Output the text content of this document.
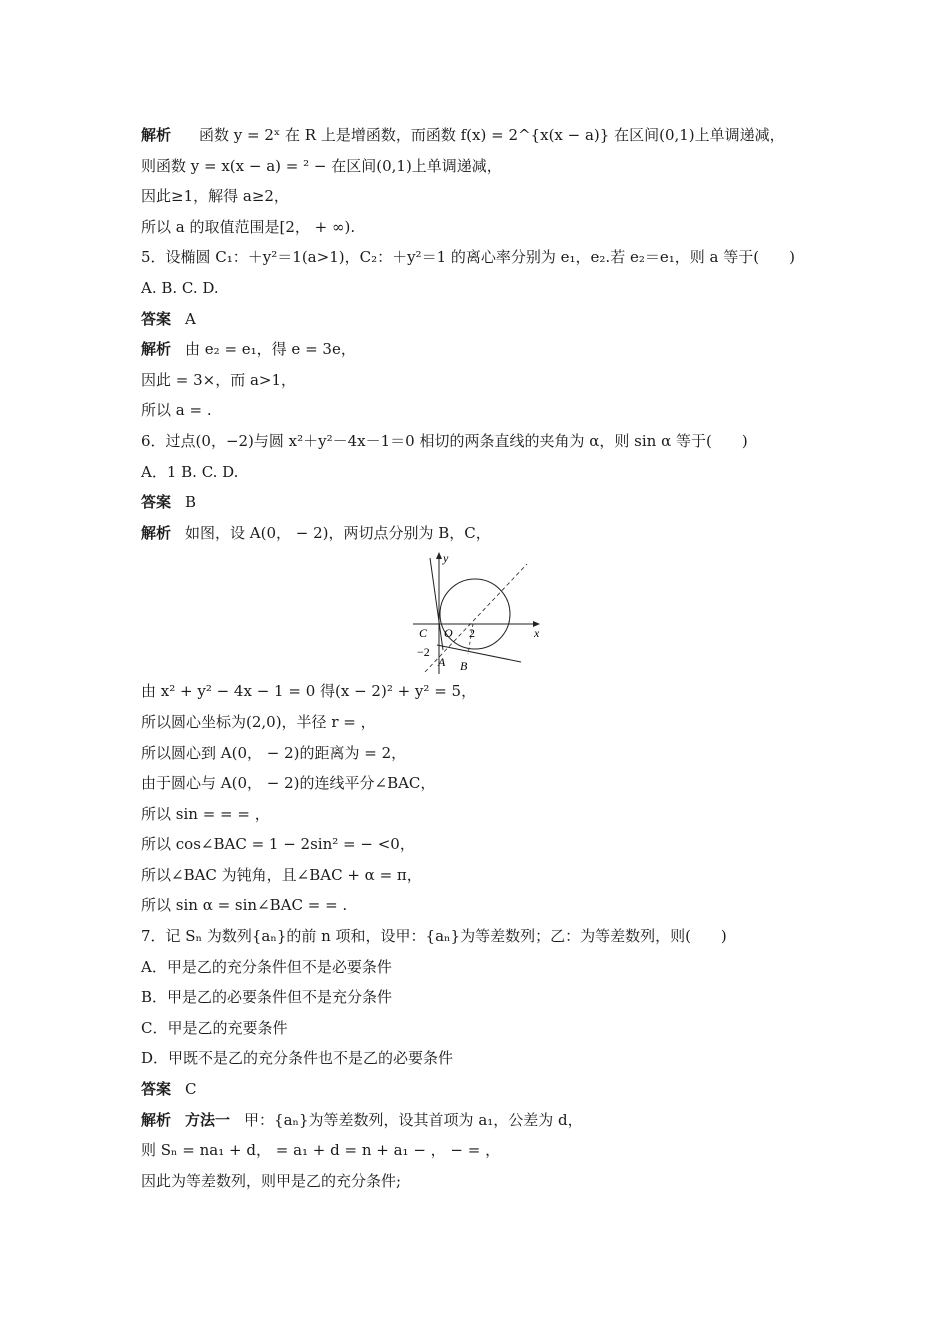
解析 函数 y = 2ˣ 在 R 上是增函数，而函数 f(x) = 2^{x(x − a)} 在区间(0,1)上单调递减，
则函数 y = x(x − a) = ² − 在区间(0,1)上单调递减，
因此≥1，解得 a≥2，
所以 a 的取值范围是[2， + ∞).
5．设椭圆 C₁：＋y²＝1(a>1)，C₂：＋y²＝1 的离心率分别为 e₁，e₂.若 e₂＝e₁，则 a 等于(　　)
A. B. C. D.
答案 A
解析 由 e₂ = e₁，得 e = 3e，
因此 = 3×，而 a>1，
所以 a = .
6．过点(0，−2)与圆 x²＋y²－4x－1＝0 相切的两条直线的夹角为 α，则 sin α 等于(　　)
A．1 B. C. D.
答案 B
解析 如图，设 A(0， − 2)，两切点分别为 B，C，
y
x
O
C	2
−2
A B
由 x² + y² − 4x − 1 = 0 得(x − 2)² + y² = 5，
所以圆心坐标为(2,0)，半径 r = ，
所以圆心到 A(0， − 2)的距离为 = 2，
由于圆心与 A(0， − 2)的连线平分∠BAC，
所以 sin = = = ，
所以 cos∠BAC = 1 − 2sin² = − <0，
所以∠BAC 为钝角，且∠BAC + α = π，
所以 sin α = sin∠BAC = = .
7．记 Sₙ 为数列{aₙ}的前 n 项和，设甲：{aₙ}为等差数列；乙：为等差数列，则(　　)
A．甲是乙的充分条件但不是必要条件
B．甲是乙的必要条件但不是充分条件
C．甲是乙的充要条件
D．甲既不是乙的充分条件也不是乙的必要条件
答案 C
解析 方法一 甲：{aₙ}为等差数列，设其首项为 a₁，公差为 d，
则 Sₙ = na₁ + d， = a₁ + d = n + a₁ − ， − = ，
因此为等差数列，则甲是乙的充分条件;
